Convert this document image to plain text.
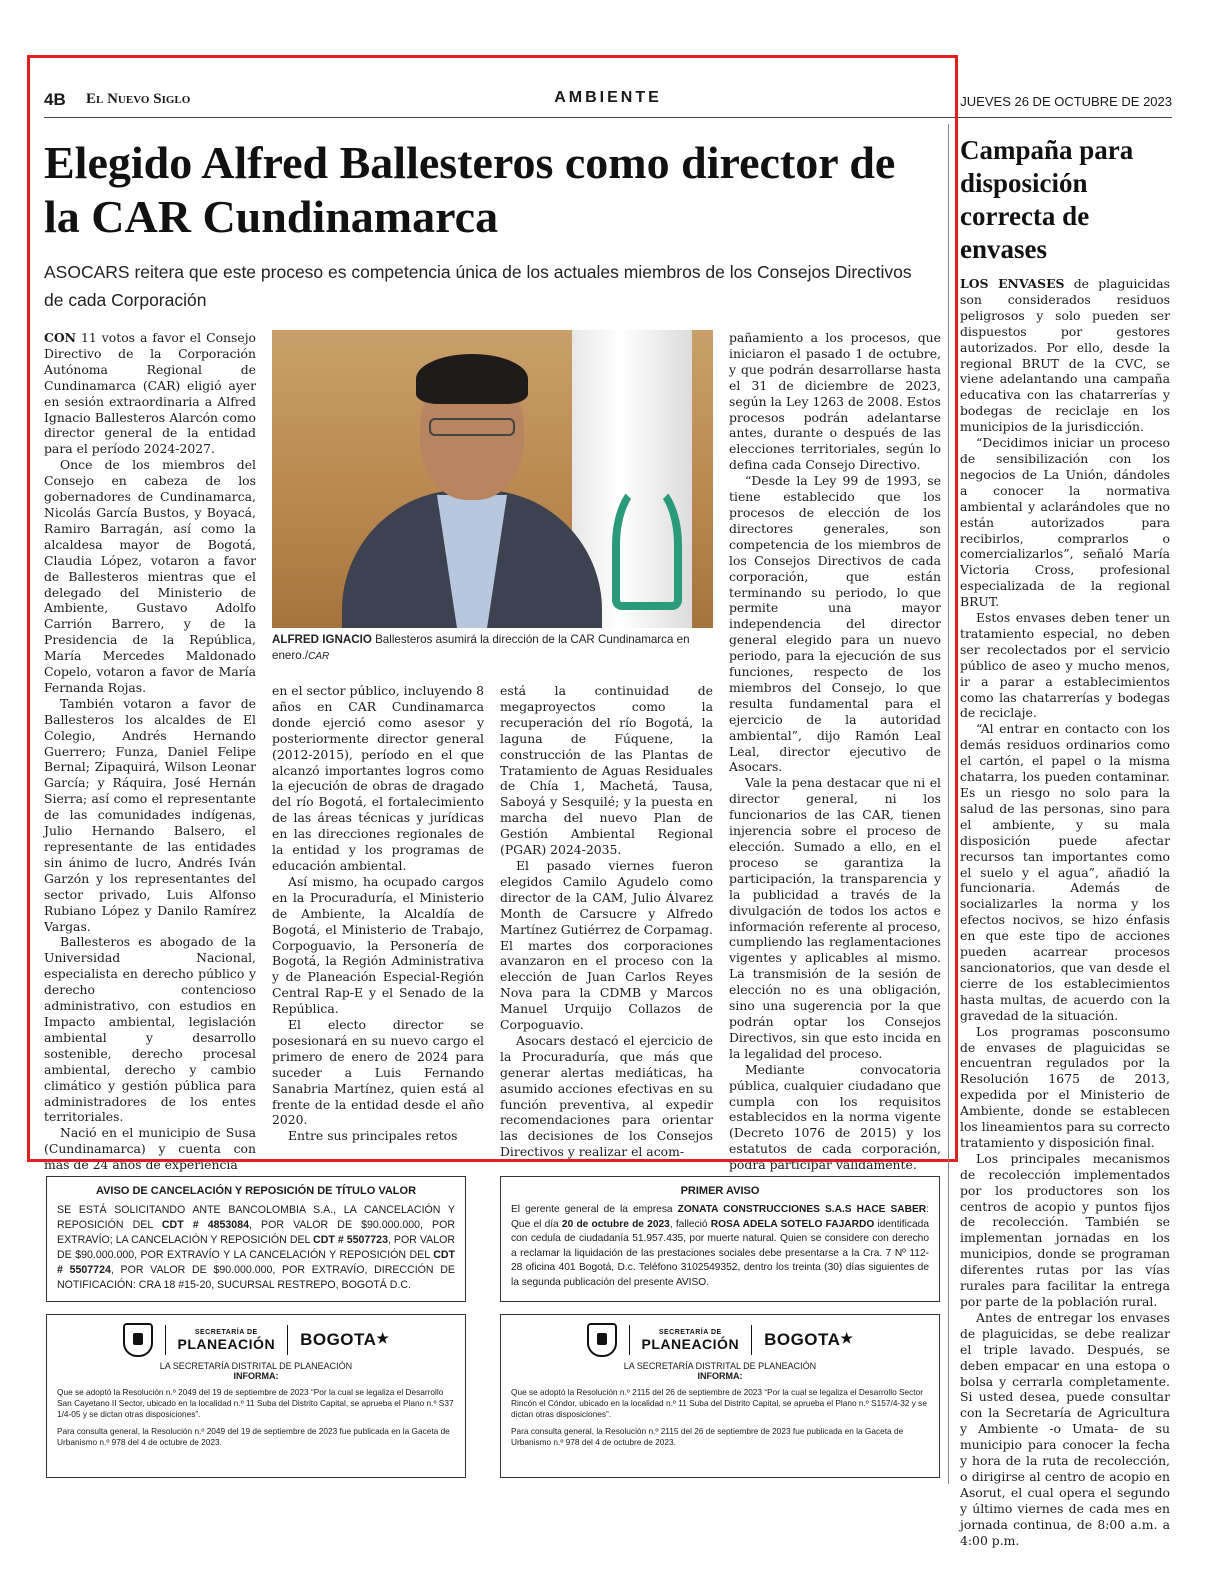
4B El Nuevo Siglo	AMBIENTE	JUEVES 26 DE OCTUBRE DE 2023
Elegido Alfred Ballesteros como director de la CAR Cundinamarca
ASOCARS reitera que este proceso es competencia única de los actuales miembros de los Consejos Directivos de cada Corporación

CON 11 votos a favor el Consejo Directivo de la Corporación Autónoma Regional de Cundinamarca (CAR) eligió ayer en sesión extraordinaria a Alfred Ignacio Ballesteros Alarcón como director general de la entidad para el período 2024-2027.

Once de los miembros del Consejo en cabeza de los gobernadores de Cundinamarca, Nicolás García Bustos, y Boyacá, Ramiro Barragán, así como la alcaldesa mayor de Bogotá, Claudia López, votaron a favor de Ballesteros mientras que el delegado del Ministerio de Ambiente, Gustavo Adolfo Carrión Barrero, y de la Presidencia de la República, María Mercedes Maldonado Copelo, votaron a favor de María Fernanda Rojas.

También votaron a favor de Ballesteros los alcaldes de El Colegio, Andrés Hernando Guerrero; Funza, Daniel Felipe Bernal; Zipaquirá, Wilson Leonar García; y Ráquira, José Hernán Sierra; así como el representante de las comunidades indígenas, Julio Hernando Balsero, el representante de las entidades sin ánimo de lucro, Andrés Iván Garzón y los representantes del sector privado, Luis Alfonso Rubiano López y Danilo Ramírez Vargas.

Ballesteros es abogado de la Universidad Nacional, especialista en derecho público y derecho contencioso administrativo, con estudios en Impacto ambiental, legislación ambiental y desarrollo sostenible, derecho procesal ambiental, derecho y cambio climático y gestión pública para administradores de los entes territoriales.

Nació en el municipio de Susa (Cundinamarca) y cuenta con más de 24 años de experiencia

ALFRED IGNACIO Ballesteros asumirá la dirección de la CAR Cundinamarca en enero./CAR

en el sector público, incluyendo 8 años en CAR Cundinamarca donde ejerció como asesor y posteriormente director general (2012-2015), período en el que alcanzó importantes logros como la ejecución de obras de dragado del río Bogotá, el fortalecimiento de las áreas técnicas y jurídicas en las direcciones regionales de la entidad y los programas de educación ambiental.

Así mismo, ha ocupado cargos en la Procuraduría, el Ministerio de Ambiente, la Alcaldía de Bogotá, el Ministerio de Trabajo, Corpoguavio, la Personería de Bogotá, la Región Administrativa y de Planeación Especial-Región Central Rap-E y el Senado de la República.

El electo director se posesionará en su nuevo cargo el primero de enero de 2024 para suceder a Luis Fernando Sanabria Martínez, quien está al frente de la entidad desde el año 2020.

Entre sus principales retos

está la continuidad de megaproyectos como la recuperación del río Bogotá, la laguna de Fúquene, la construcción de las Plantas de Tratamiento de Aguas Residuales de Chía 1, Machetá, Tausa, Saboyá y Sesquilé; y la puesta en marcha del nuevo Plan de Gestión Ambiental Regional (PGAR) 2024-2035.

El pasado viernes fueron elegidos Camilo Agudelo como director de la CAM, Julio Álvarez Month de Carsucre y Alfredo Martínez Gutiérrez de Corpamag. El martes dos corporaciones avanzaron en el proceso con la elección de Juan Carlos Reyes Nova para la CDMB y Marcos Manuel Urquijo Collazos de Corpoguavio.

Asocars destacó el ejercicio de la Procuraduría, que más que generar alertas mediáticas, ha asumido acciones efectivas en su función preventiva, al expedir recomendaciones para orientar las decisiones de los Consejos Directivos y realizar el acom-

pañamiento a los procesos, que iniciaron el pasado 1 de octubre, y que podrán desarrollarse hasta el 31 de diciembre de 2023, según la Ley 1263 de 2008. Estos procesos podrán adelantarse antes, durante o después de las elecciones territoriales, según lo defina cada Consejo Directivo.

“Desde la Ley 99 de 1993, se tiene establecido que los procesos de elección de los directores generales, son competencia de los miembros de los Consejos Directivos de cada corporación, que están terminando su periodo, lo que permite una mayor independencia del director general elegido para un nuevo periodo, para la ejecución de sus funciones, respecto de los miembros del Consejo, lo que resulta fundamental para el ejercicio de la autoridad ambiental”, dijo Ramón Leal Leal, director ejecutivo de Asocars.

Vale la pena destacar que ni el director general, ni los funcionarios de las CAR, tienen injerencia sobre el proceso de elección. Sumado a ello, en el proceso se garantiza la participación, la transparencia y la publicidad a través de la divulgación de todos los actos e información referente al proceso, cumpliendo las reglamentaciones vigentes y aplicables al mismo. La transmisión de la sesión de elección no es una obligación, sino una sugerencia por la que podrán optar los Consejos Directivos, sin que esto incida en la legalidad del proceso.

Mediante convocatoria pública, cualquier ciudadano que cumpla con los requisitos establecidos en la norma vigente (Decreto 1076 de 2015) y los estatutos de cada corporación, podrá participar válidamente.

Campaña para disposición correcta de envases

LOS ENVASES de plaguicidas son considerados residuos peligrosos y solo pueden ser dispuestos por gestores autorizados. Por ello, desde la regional BRUT de la CVC, se viene adelantando una campaña educativa con las chatarrerías y bodegas de reciclaje en los municipios de la jurisdicción.

“Decidimos iniciar un proceso de sensibilización con los negocios de La Unión, dándoles a conocer la normativa ambiental y aclarándoles que no están autorizados para recibirlos, comprarlos o comercializarlos”, señaló María Victoria Cross, profesional especializada de la regional BRUT.

Estos envases deben tener un tratamiento especial, no deben ser recolectados por el servicio público de aseo y mucho menos, ir a parar a establecimientos como las chatarrerías y bodegas de reciclaje.

“Al entrar en contacto con los demás residuos ordinarios como el cartón, el papel o la misma chatarra, los pueden contaminar. Es un riesgo no solo para la salud de las personas, sino para el ambiente, y su mala disposición puede afectar recursos tan importantes como el suelo y el agua”, añadió la funcionaria. Además de socializarles la norma y los efectos nocivos, se hizo énfasis en que este tipo de acciones pueden acarrear procesos sancionatorios, que van desde el cierre de los establecimientos hasta multas, de acuerdo con la gravedad de la situación.

Los programas posconsumo de envases de plaguicidas se encuentran regulados por la Resolución 1675 de 2013, expedida por el Ministerio de Ambiente, donde se establecen los lineamientos para su correcto tratamiento y disposición final.

Los principales mecanismos de recolección implementados por los productores son los centros de acopio y puntos fijos de recolección. También se implementan jornadas en los municipios, donde se programan diferentes rutas por las vías rurales para facilitar la entrega por parte de la población rural.

Antes de entregar los envases de plaguicidas, se debe realizar el triple lavado. Después, se deben empacar en una estopa o bolsa y cerrarla completamente. Si usted desea, puede consultar con la Secretaría de Agricultura y Ambiente -o Umata- de su municipio para conocer la fecha y hora de la ruta de recolección, o dirigirse al centro de acopio en Asorut, el cual opera el segundo y último viernes de cada mes en jornada continua, de 8:00 a.m. a 4:00 p.m.

AVISO DE CANCELACIÓN Y REPOSICIÓN DE TÍTULO VALOR
SE ESTÁ SOLICITANDO ANTE BANCOLOMBIA S.A., LA CANCELACIÓN Y REPOSICIÓN DEL CDT # 4853084, POR VALOR DE $90.000.000, POR EXTRAVÍO; LA CANCELACIÓN Y REPOSICIÓN DEL CDT # 5507723, POR VALOR DE $90.000.000, POR EXTRAVÍO Y LA CANCELACIÓN Y REPOSICIÓN DEL CDT # 5507724, POR VALOR DE $90.000.000, POR EXTRAVÍO, DIRECCIÓN DE NOTIFICACIÓN: CRA 18 #15-20, SUCURSAL RESTREPO, BOGOTÁ D.C.
PRIMER AVISO
El gerente general de la empresa ZONATA CONSTRUCCIONES S.A.S HACE SABER: Que el día 20 de octubre de 2023, falleció ROSA ADELA SOTELO FAJARDO identificada con cedula de ciudadanía 51.957.435, por muerte natural. Quien se considere con derecho a reclamar la liquidación de las prestaciones sociales debe presentarse a la Cra. 7 Nº 112-28 oficina 401 Bogotá, D.c. Teléfono 3102549352, dentro los treinta (30) días siguientes de la segunda publicación del presente AVISO.
SECRETARÍA DE
PLANEACIÓN BOGOTA★
LA SECRETARÍA DISTRITAL DE PLANEACIÓN
INFORMA:
Que se adoptó la Resolución n.º 2049 del 19 de septiembre de 2023 “Por la cual se legaliza el Desarrollo San Cayetano II Sector, ubicado en la localidad n.º 11 Suba del Distrito Capital, se aprueba el Plano n.º S37 1/4-05 y se dictan otras disposiciones”.
Para consulta general, la Resolución n.º 2049 del 19 de septiembre de 2023 fue publicada en la Gaceta de Urbanismo n.º 978 del 4 de octubre de 2023.
SECRETARÍA DE
PLANEACIÓN BOGOTA★
LA SECRETARÍA DISTRITAL DE PLANEACIÓN
INFORMA:
Que se adoptó la Resolución n.º 2115 del 26 de septiembre de 2023 “Por la cual se legaliza el Desarrollo Sector Rincón el Cóndor, ubicado en la localidad n.º 11 Suba del Distrito Capital, se aprueba el Plano n.º S157/4-32 y se dictan otras disposiciones”.
Para consulta general, la Resolución n.º 2115 del 26 de septiembre de 2023 fue publicada en la Gaceta de Urbanismo n.º 978 del 4 de octubre de 2023.
